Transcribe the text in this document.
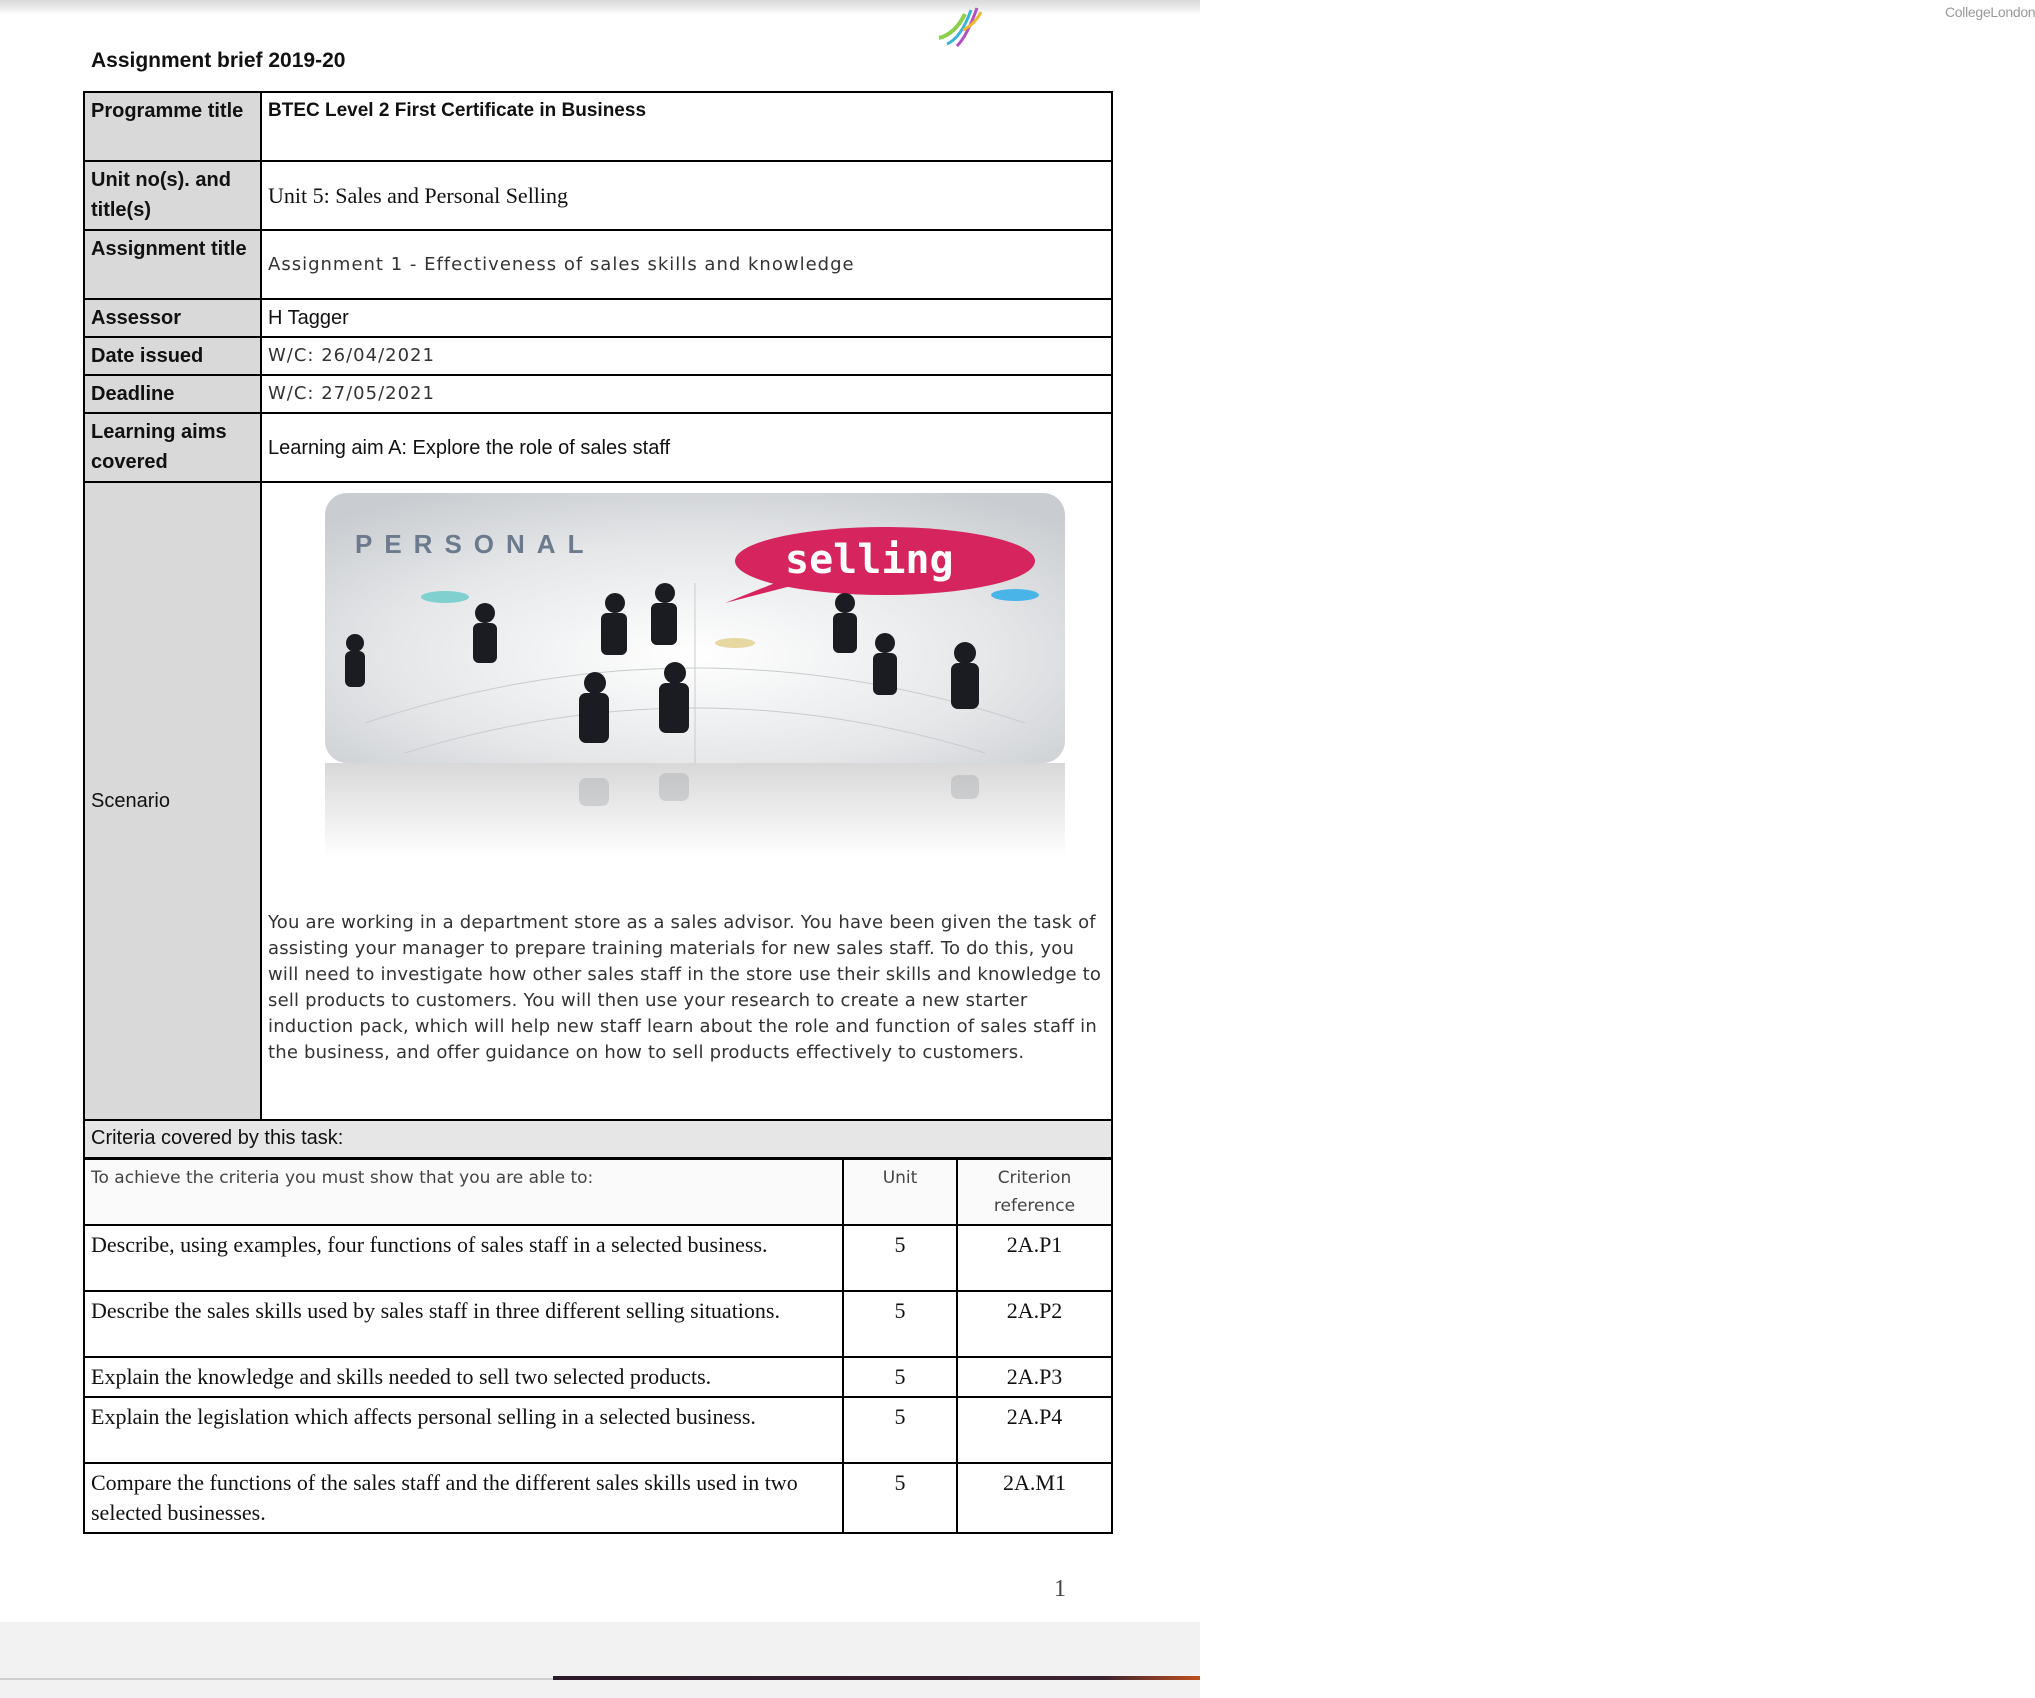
CollegeLondon
Assignment brief 2019-20
Programme title	BTEC Level 2 First Certificate in Business
Unit no(s). and title(s)	Unit 5: Sales and Personal Selling
Assignment title	Assignment 1 - Effectiveness of sales skills and knowledge
Assessor	H Tagger
Date issued	W/C: 26/04/2021
Deadline	W/C: 27/05/2021
Learning aims covered	Learning aim A: Explore the role of sales staff
Scenario	PERSONAL selling
You are working in a department store as a sales advisor. You have been given the task of assisting your manager to prepare training materials for new sales staff. To do this, you will need to investigate how other sales staff in the store use their skills and knowledge to sell products to customers. You will then use your research to create a new starter induction pack, which will help new staff learn about the role and function of sales staff in the business, and offer guidance on how to sell products effectively to customers.

Criteria covered by this task:	
To achieve the criteria you must show that you are able to:	Unit	Criterion reference
Describe, using examples, four functions of sales staff in a selected business.	5	2A.P1
Describe the sales skills used by sales staff in three different selling situations.	5	2A.P2
Explain the knowledge and skills needed to sell two selected products.	5	2A.P3
Explain the legislation which affects personal selling in a selected business.	5	2A.P4
Compare the functions of the sales staff and the different sales skills used in two selected businesses.	5	2A.M1
1
